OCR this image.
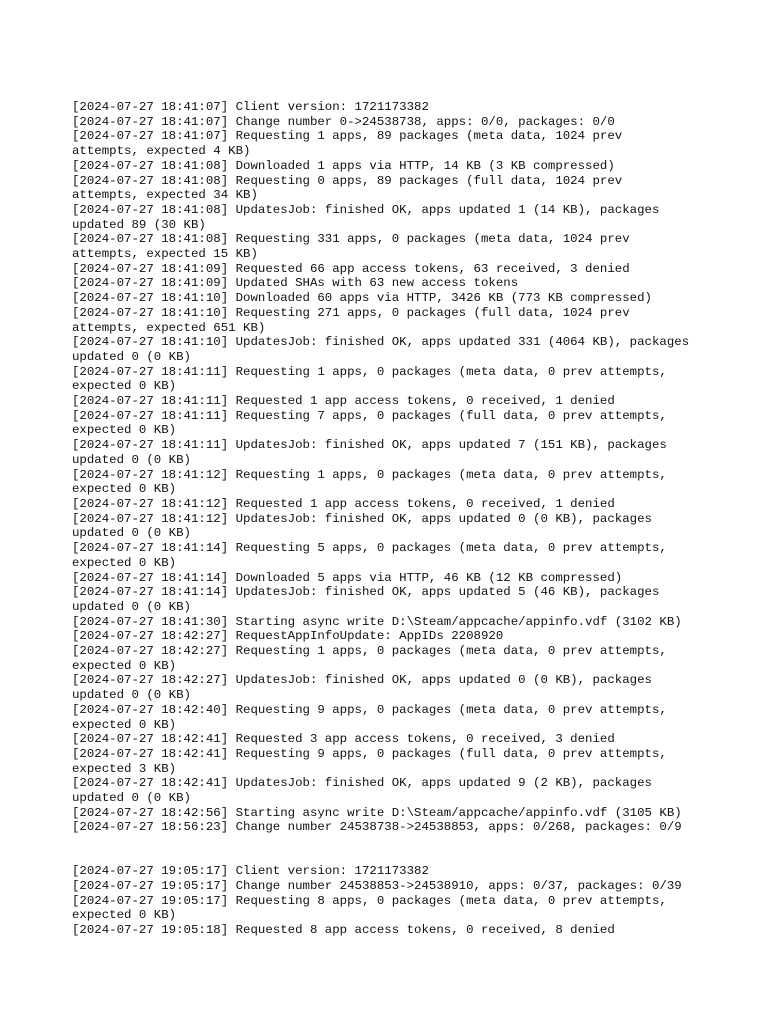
[2024-07-27 18:41:07] Client version: 1721173382
[2024-07-27 18:41:07] Change number 0->24538738, apps: 0/0, packages: 0/0
[2024-07-27 18:41:07] Requesting 1 apps, 89 packages (meta data, 1024 prev
attempts, expected 4 KB)
[2024-07-27 18:41:08] Downloaded 1 apps via HTTP, 14 KB (3 KB compressed)
[2024-07-27 18:41:08] Requesting 0 apps, 89 packages (full data, 1024 prev
attempts, expected 34 KB)
[2024-07-27 18:41:08] UpdatesJob: finished OK, apps updated 1 (14 KB), packages
updated 89 (30 KB)
[2024-07-27 18:41:08] Requesting 331 apps, 0 packages (meta data, 1024 prev
attempts, expected 15 KB)
[2024-07-27 18:41:09] Requested 66 app access tokens, 63 received, 3 denied
[2024-07-27 18:41:09] Updated SHAs with 63 new access tokens
[2024-07-27 18:41:10] Downloaded 60 apps via HTTP, 3426 KB (773 KB compressed)
[2024-07-27 18:41:10] Requesting 271 apps, 0 packages (full data, 1024 prev
attempts, expected 651 KB)
[2024-07-27 18:41:10] UpdatesJob: finished OK, apps updated 331 (4064 KB), packages
updated 0 (0 KB)
[2024-07-27 18:41:11] Requesting 1 apps, 0 packages (meta data, 0 prev attempts,
expected 0 KB)
[2024-07-27 18:41:11] Requested 1 app access tokens, 0 received, 1 denied
[2024-07-27 18:41:11] Requesting 7 apps, 0 packages (full data, 0 prev attempts,
expected 0 KB)
[2024-07-27 18:41:11] UpdatesJob: finished OK, apps updated 7 (151 KB), packages
updated 0 (0 KB)
[2024-07-27 18:41:12] Requesting 1 apps, 0 packages (meta data, 0 prev attempts,
expected 0 KB)
[2024-07-27 18:41:12] Requested 1 app access tokens, 0 received, 1 denied
[2024-07-27 18:41:12] UpdatesJob: finished OK, apps updated 0 (0 KB), packages
updated 0 (0 KB)
[2024-07-27 18:41:14] Requesting 5 apps, 0 packages (meta data, 0 prev attempts,
expected 0 KB)
[2024-07-27 18:41:14] Downloaded 5 apps via HTTP, 46 KB (12 KB compressed)
[2024-07-27 18:41:14] UpdatesJob: finished OK, apps updated 5 (46 KB), packages
updated 0 (0 KB)
[2024-07-27 18:41:30] Starting async write D:\Steam/appcache/appinfo.vdf (3102 KB)
[2024-07-27 18:42:27] RequestAppInfoUpdate: AppIDs 2208920
[2024-07-27 18:42:27] Requesting 1 apps, 0 packages (meta data, 0 prev attempts,
expected 0 KB)
[2024-07-27 18:42:27] UpdatesJob: finished OK, apps updated 0 (0 KB), packages
updated 0 (0 KB)
[2024-07-27 18:42:40] Requesting 9 apps, 0 packages (meta data, 0 prev attempts,
expected 0 KB)
[2024-07-27 18:42:41] Requested 3 app access tokens, 0 received, 3 denied
[2024-07-27 18:42:41] Requesting 9 apps, 0 packages (full data, 0 prev attempts,
expected 3 KB)
[2024-07-27 18:42:41] UpdatesJob: finished OK, apps updated 9 (2 KB), packages
updated 0 (0 KB)
[2024-07-27 18:42:56] Starting async write D:\Steam/appcache/appinfo.vdf (3105 KB)
[2024-07-27 18:56:23] Change number 24538738->24538853, apps: 0/268, packages: 0/9
[2024-07-27 19:05:17] Client version: 1721173382
[2024-07-27 19:05:17] Change number 24538853->24538910, apps: 0/37, packages: 0/39
[2024-07-27 19:05:17] Requesting 8 apps, 0 packages (meta data, 0 prev attempts,
expected 0 KB)
[2024-07-27 19:05:18] Requested 8 app access tokens, 0 received, 8 denied
